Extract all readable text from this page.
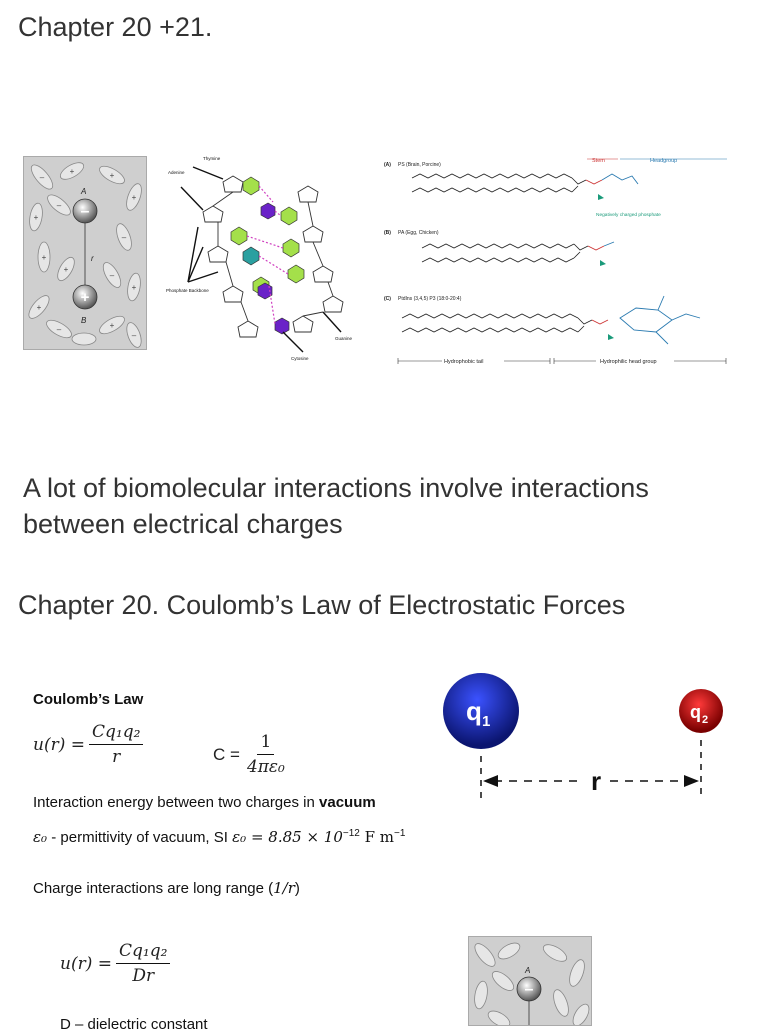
Chapter 20 +21.
–
+
A
r
B
–
+	+
+
+
–
–
+
+
–
+
+
–	+
–
Thymine
Adenine
Phosphate Backbone
Guanine
Cytosine
(A) PS (Brain, Porcine)
(B) PA (Egg, Chicken)
(C) PtdIns (3,4,5) P3 (18:0-20:4)
Stem	Headgroup
Negatively charged phosphate
Hydrophobic tail	Hydrophilic head group
A lot of biomolecular interactions involve interactions
between electrical charges
Chapter 20. Coulomb’s Law of Electrostatic Forces
Coulomb’s Law
$u(r) = \frac{\text{Cq₁q₂}}{r}$	$C = \frac{1}{\text{4πε₀}}$
Interaction energy between two charges in vacuum
ε₀ - permittivity of vacuum, SI $\varepsilon_0 = 8.85 \times 10^{-12}$ F $m^{-1}$
Charge interactions are long range (1/r)
$u(r) = \frac{\text{Cq₁q₂}}{Dr}$
D – dielectric constant
q 1	q 2
r
–
A
